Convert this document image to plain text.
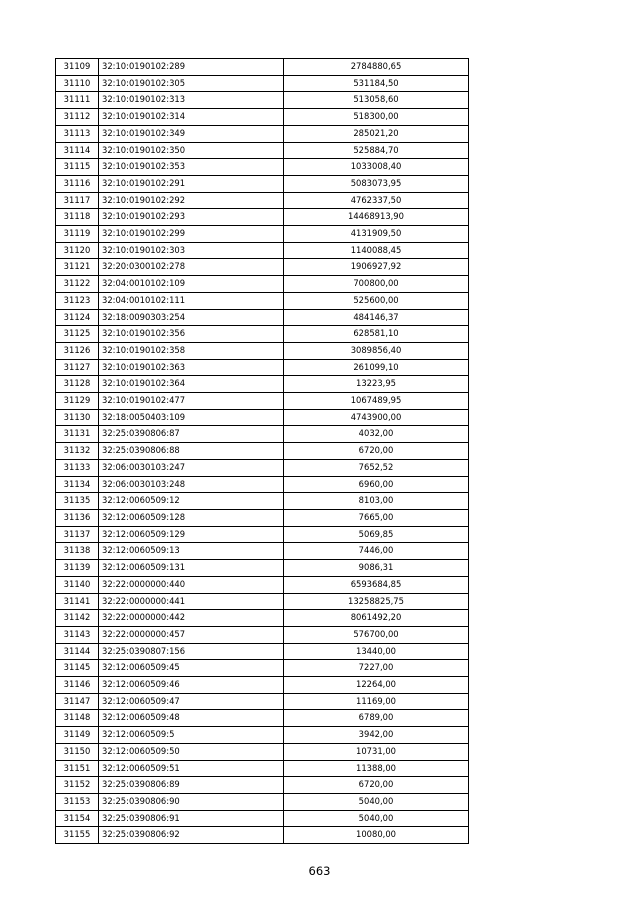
31109	32:10:0190102:289	2784880,65
31110	32:10:0190102:305	531184,50
31111	32:10:0190102:313	513058,60
31112	32:10:0190102:314	518300,00
31113	32:10:0190102:349	285021,20
31114	32:10:0190102:350	525884,70
31115	32:10:0190102:353	1033008,40
31116	32:10:0190102:291	5083073,95
31117	32:10:0190102:292	4762337,50
31118	32:10:0190102:293	14468913,90
31119	32:10:0190102:299	4131909,50
31120	32:10:0190102:303	1140088,45
31121	32:20:0300102:278	1906927,92
31122	32:04:0010102:109	700800,00
31123	32:04:0010102:111	525600,00
31124	32:18:0090303:254	484146,37
31125	32:10:0190102:356	628581,10
31126	32:10:0190102:358	3089856,40
31127	32:10:0190102:363	261099,10
31128	32:10:0190102:364	13223,95
31129	32:10:0190102:477	1067489,95
31130	32:18:0050403:109	4743900,00
31131	32:25:0390806:87	4032,00
31132	32:25:0390806:88	6720,00
31133	32:06:0030103:247	7652,52
31134	32:06:0030103:248	6960,00
31135	32:12:0060509:12	8103,00
31136	32:12:0060509:128	7665,00
31137	32:12:0060509:129	5069,85
31138	32:12:0060509:13	7446,00
31139	32:12:0060509:131	9086,31
31140	32:22:0000000:440	6593684,85
31141	32:22:0000000:441	13258825,75
31142	32:22:0000000:442	8061492,20
31143	32:22:0000000:457	576700,00
31144	32:25:0390807:156	13440,00
31145	32:12:0060509:45	7227,00
31146	32:12:0060509:46	12264,00
31147	32:12:0060509:47	11169,00
31148	32:12:0060509:48	6789,00
31149	32:12:0060509:5	3942,00
31150	32:12:0060509:50	10731,00
31151	32:12:0060509:51	11388,00
31152	32:25:0390806:89	6720,00
31153	32:25:0390806:90	5040,00
31154	32:25:0390806:91	5040,00
31155	32:25:0390806:92	10080,00
663
